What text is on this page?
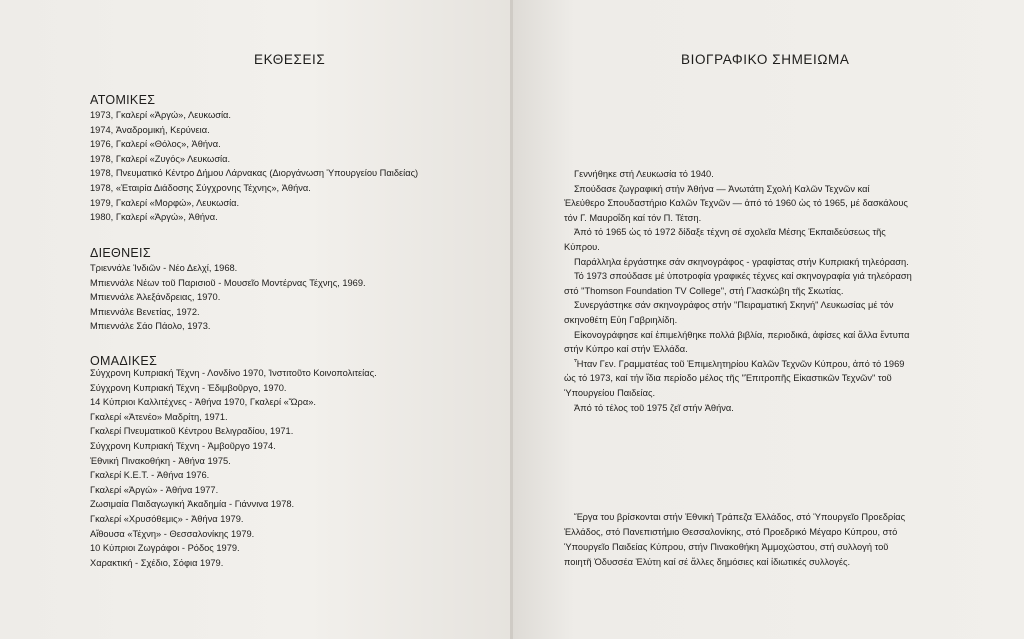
ΕΚΘΕΣΕΙΣ
ΑΤΟΜΙΚΕΣ
1973, Γκαλερί «Ἀργώ», Λευκωσία.
1974, Ἀναδρομική, Κερύνεια.
1976, Γκαλερί «Θόλος», Ἀθήνα.
1978, Γκαλερί «Ζυγός» Λευκωσία.
1978, Πνευματικό Κέντρο Δήμου Λάρνακας (Διοργάνωση Ὑπουργείου Παιδείας)
1978, «Ἑταιρία Διάδοσης Σύγχρονης Τέχνης», Ἀθήνα.
1979, Γκαλερί «Μορφώ», Λευκωσία.
1980, Γκαλερί «Ἀργώ», Ἀθήνα.
ΔΙΕΘΝΕΙΣ
Τριεννάλε Ἰνδιῶν - Νέο Δελχί, 1968.
Μπιεννάλε Νέων τοῦ Παρισιοῦ - Μουσεῖο Μοντέρνας Τέχνης, 1969.
Μπιεννάλε Ἀλεξάνδρειας, 1970.
Μπιεννάλε Βενετίας, 1972.
Μπιεννάλε Σάο Πάολο, 1973.
ΟΜΑΔΙΚΕΣ
Σύγχρονη Κυπριακή Τέχνη - Λονδίνο 1970, Ἰνστιτοῦτο Κοινοπολιτείας.
Σύγχρονη Κυπριακή Τέχνη - Ἐδιμβοῦργο, 1970.
14 Κύπριοι Καλλιτέχνες - Ἀθήνα 1970, Γκαλερί «Ὥρα».
Γκαλερί «Ἀτενέο» Μαδρίτη, 1971.
Γκαλερί Πνευματικοῦ Κέντρου Βελιγραδίου, 1971.
Σύγχρονη Κυπριακή Τέχνη - Ἀμβοῦργο 1974.
Ἐθνική Πινακοθήκη - Ἀθήνα 1975.
Γκαλερί Κ.Ε.Τ. - Ἀθήνα 1976.
Γκαλερί «Ἀργώ» - Ἀθήνα 1977.
Ζωσιμαία Παιδαγωγική Ἀκαδημία - Γιάννινα 1978.
Γκαλερί «Χρυσόθεμις» - Ἀθήνα 1979.
Αἴθουσα «Τέχνη» - Θεσσαλονίκης 1979.
10 Κύπριοι Ζωγράφοι - Ρόδος 1979.
Χαρακτική - Σχέδιο, Σόφια 1979.
ΒΙΟΓΡΑΦΙΚΟ ΣΗΜΕΙΩΜΑ

Γεννήθηκε στή Λευκωσία τό 1940.

Σπούδασε ζωγραφική στήν Ἀθήνα — Ἀνωτάτη Σχολή Καλῶν Τεχνῶν καί Ἐλεύθερο Σπουδαστήριο Καλῶν Τεχνῶν — ἀπό τό 1960 ὡς τό 1965, μέ δασκάλους τόν Γ. Μαυροΐδη καί τόν Π. Τέτση.

Ἀπό τό 1965 ὡς τό 1972 δίδαξε τέχνη σέ σχολεῖα Μέσης Ἐκπαιδεύσεως τῆς Κύπρου.

Παράλληλα ἐργάστηκε σάν σκηνογράφος - γραφίστας στήν Κυπριακή τηλεόραση.

Τό 1973 σπούδασε μέ ὑποτροφία γραφικές τέχνες καί σκηνογραφία γιά τηλεόραση στό "Thomson Foundation TV College", στή Γλασκώβη τῆς Σκωτίας.

Συνεργάστηκε σάν σκηνογράφος στήν "Πειραματική Σκηνή" Λευκωσίας μέ τόν σκηνοθέτη Εὐη Γαβριηλίδη.

Εἰκονογράφησε καί ἐπιμελήθηκε πολλά βιβλία, περιοδικά, ἀφίσες καί ἄλλα ἔντυπα στήν Κύπρο καί στήν Ἑλλάδα.

Ἦταν Γεν. Γραμματέας τοῦ Ἐπιμελητηρίου Καλῶν Τεχνῶν Κύπρου, ἀπό τό 1969 ὡς τό 1973, καί τήν ἴδια περίοδο μέλος τῆς "Ἐπιτροπῆς Εἰκαστικῶν Τεχνῶν" τοῦ Ὑπουργείου Παιδείας.

Ἀπό τό τέλος τοῦ 1975 ζεῖ στήν Ἀθήνα.

Ἔργα του βρίσκονται στήν Ἐθνική Τράπεζα Ἑλλάδος, στό Ὑπουργεῖο Προεδρίας Ἑλλάδος, στό Πανεπιστήμιο Θεσσαλονίκης, στό Προεδρικό Μέγαρο Κύπρου, στό Ὑπουργεῖο Παιδείας Κύπρου, στήν Πινακοθήκη Ἀμμοχώστου, στή συλλογή τοῦ ποιητῆ Ὀδυσσέα Ἐλύτη καί σέ ἄλλες δημόσιες καί ἰδιωτικές συλλογές.
